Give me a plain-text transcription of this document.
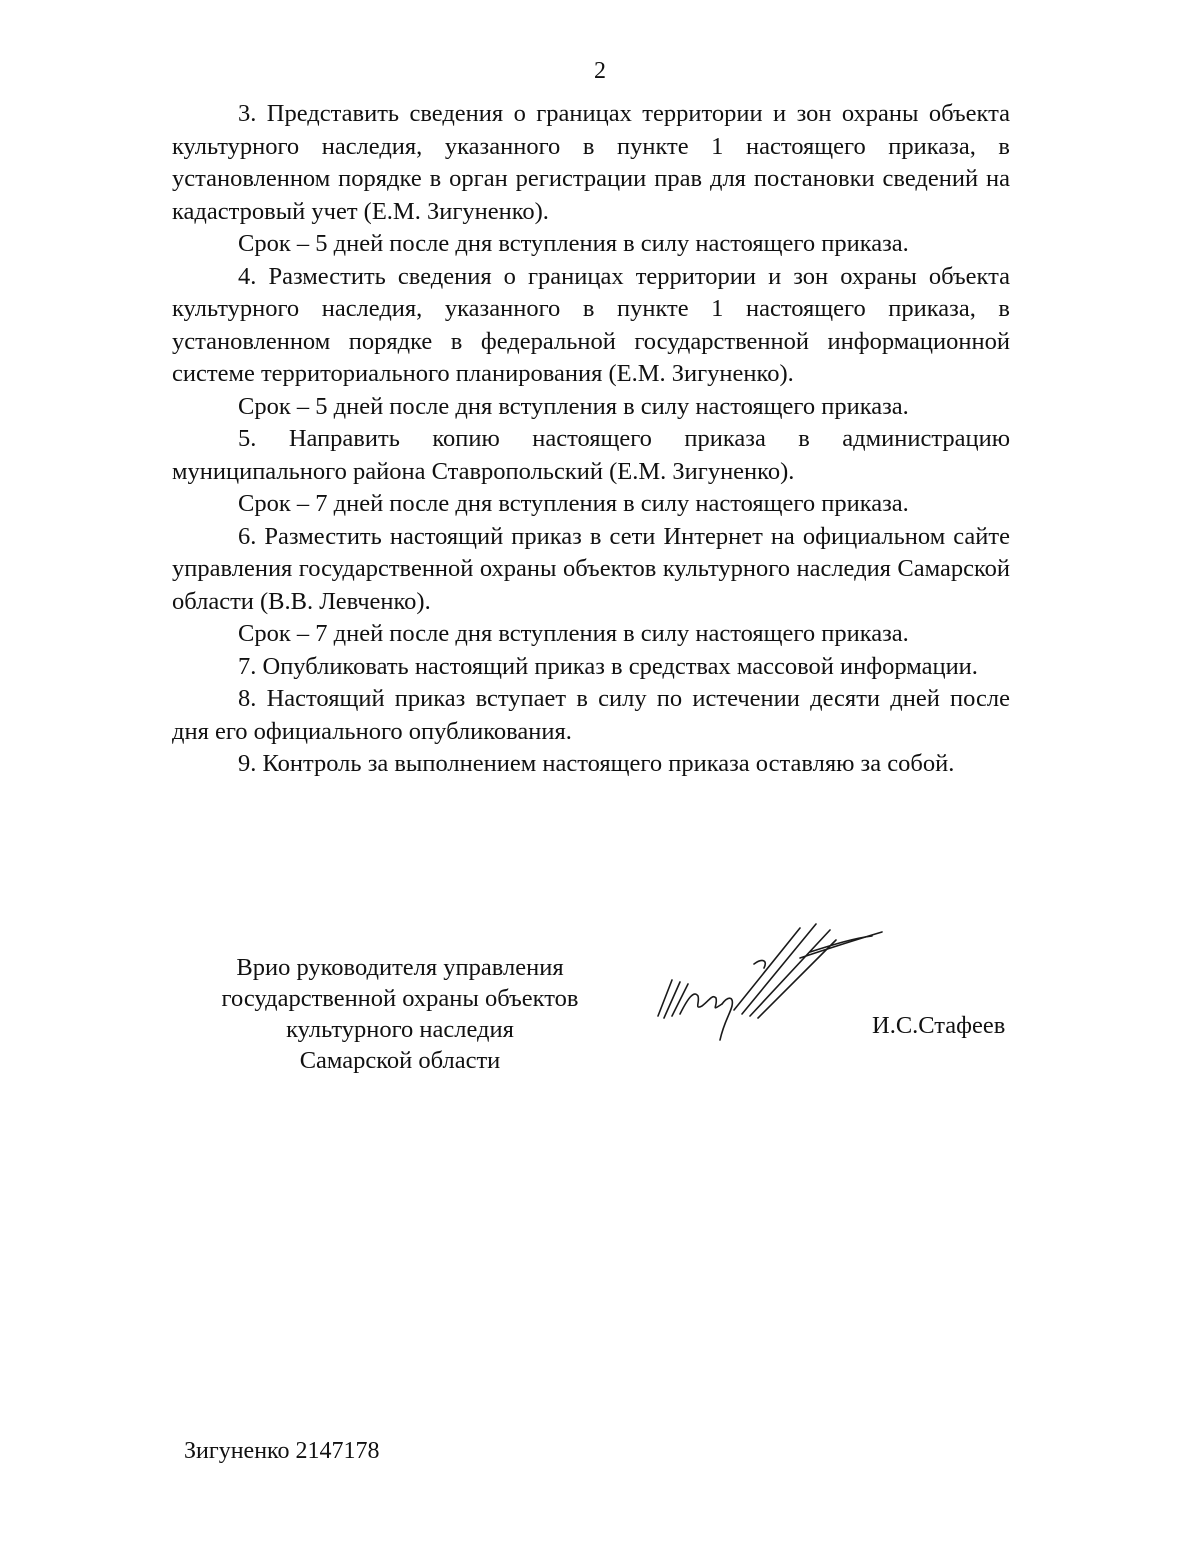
2

3. Представить сведения о границах территории и зон охраны объекта культурного наследия, указанного в пункте 1 настоящего приказа, в установленном порядке в орган регистрации прав для постановки сведений на кадастровый учет (Е.М. Зигуненко).

Срок – 5 дней после дня вступления в силу настоящего приказа.

4. Разместить сведения о границах территории и зон охраны объекта культурного наследия, указанного в пункте 1 настоящего приказа, в установленном порядке в федеральной государственной информационной системе территориального планирования (Е.М. Зигуненко).

Срок – 5 дней после дня вступления в силу настоящего приказа.

5. Направить копию настоящего приказа в администрацию муниципального района Ставропольский (Е.М. Зигуненко).

Срок – 7 дней после дня вступления в силу настоящего приказа.

6. Разместить настоящий приказ в сети Интернет на официальном сайте управления государственной охраны объектов культурного наследия Самарской области (В.В. Левченко).

Срок – 7 дней после дня вступления в силу настоящего приказа.

7. Опубликовать настоящий приказ в средствах массовой информации.

8. Настоящий приказ вступает в силу по истечении десяти дней после дня его официального опубликования.

9. Контроль за выполнением настоящего приказа оставляю за собой.

Врио руководителя управления
государственной охраны объектов
культурного наследия
Самарской области
И.С.Стафеев
Зигуненко 2147178
